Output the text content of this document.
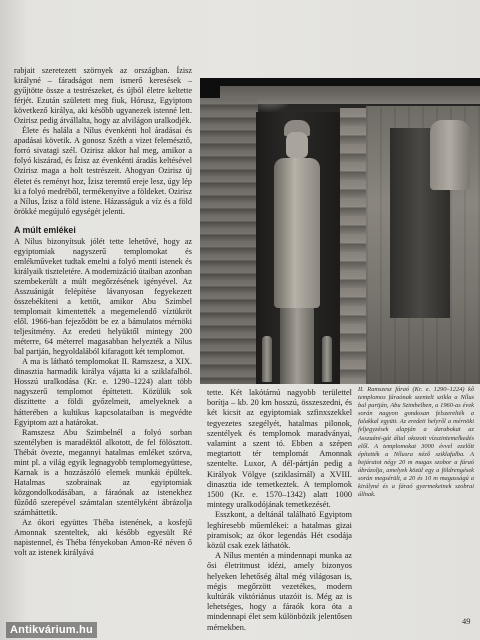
rabjait szeretezett szörnyek az országban. Ízisz királyné – fáradságot nem ismerő keresések – gyűjtötte össze a testrészeket, és újból életre keltette férjét. Ezután született meg fiuk, Hórusz, Egyiptom következő királya, aki később ugyanezek istenné lett. Ozirisz pedig átvállalta, hogy az alvilágon uralkodjék.

Élete és halála a Nílus évenkénti hol áradásai és apadásai követik. A gonosz Széth a vizet felemésztő, forró sivatagi szél. Ozirisz akkor hal meg, amikor a folyó kiszárad, és Ízisz az évenkénti áradás keltésével Ozirisz maga a holt testrészeit. Ahogyan Ozirisz új életet és reményt hoz, Ízisz teremtő ereje lesz, úgy lép ki a folyó medréből, termékenyítve a földeket. Ozirisz a Nílus, Ízisz a föld istene. Házasságuk a víz és a föld örökké megújuló egységét jelenti.

A múlt emlékei

A Nílus bizonyítsuk jólét tette lehetővé, hogy az egyiptomiak nagyszerű templomokat és emlékműveket tudtak emelni a folyó menti istenek és királyaik tiszteletére. A modernizáció útaiban azonban szembekerült a múlt megőrzésének igényével. Az Asszuánigát felépítése lávanyosan fegyekezett összebékíteni a kettőt, amikor Abu Szimbel templomait kimentették a megemelendő víztükröt elől. 1966-ban fejeződött be ez a bámulatos mérnöki teljesítmény. Az eredeti helyüktől mintegy 200 méterre, 64 méterrel magasabban helyezték a Nílus bal partján, hegyoldalából kifaragott két templomot.

A ma is látható templomokat II. Ramszesz, a XIX. dinasztia harmadik királya vájatta ki a sziklafalból. Hosszú uralkodása (Kr. e. 1290–1224) alatt több nagyszerű templomot építtetett. Közülük sok díszíttette a földi győzelmeit, amelyeknek a hátterében a kultikus kapcsolataiban is megvédte Egyiptom azt a határokat.

Ramszesz Abu Szimbelnél a folyó sorban szentélyben is maradéktól alkotott, de fel fölösztott. Thébát övezte, megannyi hatalmas emléket szórva, mint pl. a világ egyik legnagyobb templomegyüttese, Karnak is a hozzászóló elemek munkái épültek. Hatalmas szobrainak az egyiptomiak közgondolkodásában, a fáraónak az istenekhez fűződő szerepével számtalan szentélyként ábrázolja számháttetik.

Az ókori együttes Théba istenének, a kosfejű Amonnak szenteltek, aki később egyesült Ré napistennel, és Théba fényekoban Amon-Ré néven ő volt az istenek királyává

II. Ramszesz fáraó (Kr. e. 1290–1224) kő templomos fáraónak szentelt szikla a Nílus bal partján, Abu Szimbelben, a 1960-as évek során nagyon gondosan felszerelték a falakkal együtt. Az eredeti helyről a mérnöki feljegyzések alapján a darabokat az Asszuáni-gát által okozott vízszintemelkedés elől. A templomokat 3000 évvel ezelőtt építették a Nílusra néző sziklafalba. A bejáratot négy 20 m magas szobor a fáraó ábrázolja, amelyek közül egy a földrengések során megsérült, a 20 és 10 m magasságú a királyné és a fáraó gyermekeinek szobrai állnak.
49
Antikvárium.hu

tette. Két lakótárnú nagyobb területtel borítja – kb. 20 km hosszú, összeszedni, és két kicsit az egyiptomiak szfinxszekkel tegyezetes szegélyét, hatalmas pilonok, szentélyek és templomok maradványai, valamint a szent tó. Ebben a szépen megtartott tér templomát Amonnak szentelte. Luxor, A dél-pártján pedig a Királyok Völgye (sziklasírnál) a XVIII. dinasztia ide temetkeztek. A templomok 1500 (Kr. e. 1570–1342) alatt 1000 mintegy uralkodójának temetkezését.

Esszkont, a deltánál található Egyiptom leghíresebb műemlékei: a hatalmas gizai piramisok; az ókor legendás Hét csodája közül csak ezek láthatók.

A Nílus mentén a mindennapi munka az ősi életritmust idézi, amely bizonyos helyeken lehetőség által még világosan is, mégis megőrzött vezetékes, modern kultúrák viktóriánus utazóit is. Még az is lehetséges, hogy a fáraók kora óta a mindennapi élet sem különbözik jelentősen mérnekben.
